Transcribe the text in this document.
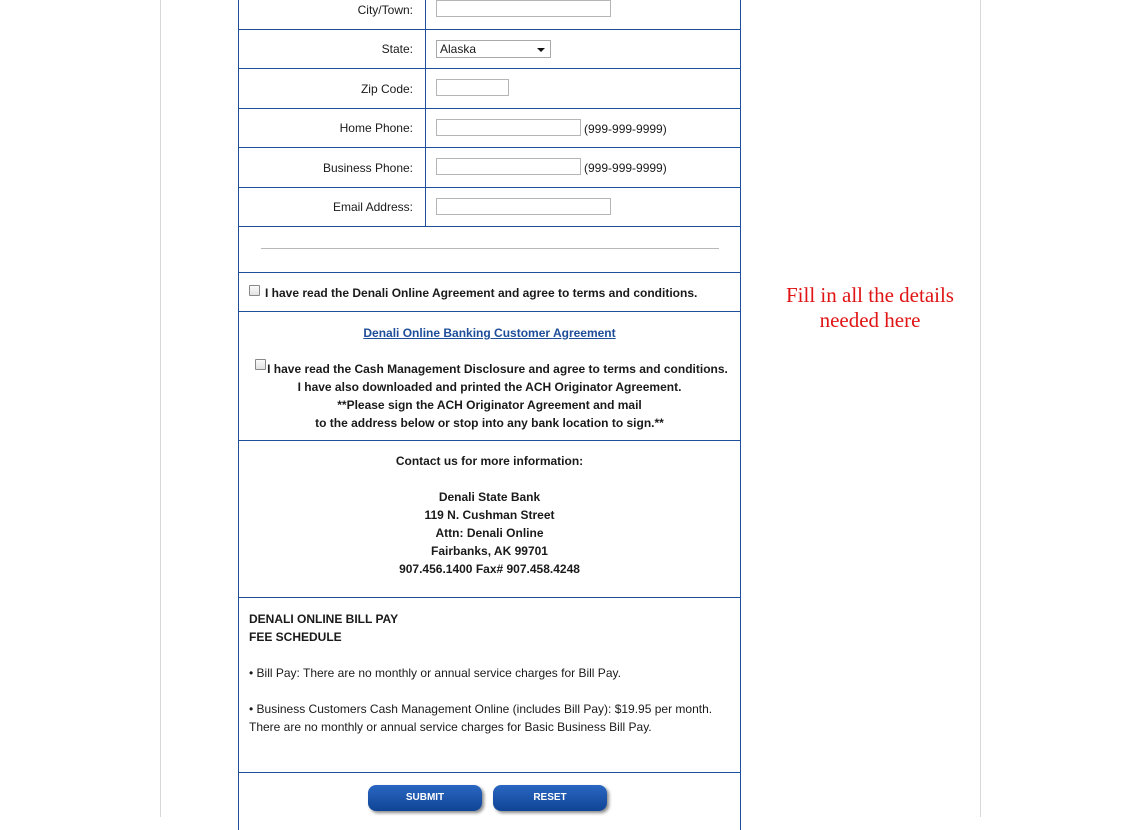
City/Town:
State: Alaska
Zip Code:
Home Phone:	(999-999-9999)
Business Phone:	(999-999-9999)
Email Address:
I have read the Denali Online Agreement and agree to terms and conditions.
Denali Online Banking Customer Agreement
I have read the Cash Management Disclosure and agree to terms and conditions.
I have also downloaded and printed the ACH Originator Agreement.
**Please sign the ACH Originator Agreement and mail
to the address below or stop into any bank location to sign.**
Contact us for more information:
Denali State Bank
119 N. Cushman Street
Attn: Denali Online
Fairbanks, AK 99701
907.456.1400 Fax# 907.458.4248
DENALI ONLINE BILL PAY
FEE SCHEDULE
• Bill Pay: There are no monthly or annual service charges for Bill Pay.
• Business Customers Cash Management Online (includes Bill Pay): $19.95 per month.
There are no monthly or annual service charges for Basic Business Bill Pay.
SUBMIT	RESET
Fill in all the details
needed here
